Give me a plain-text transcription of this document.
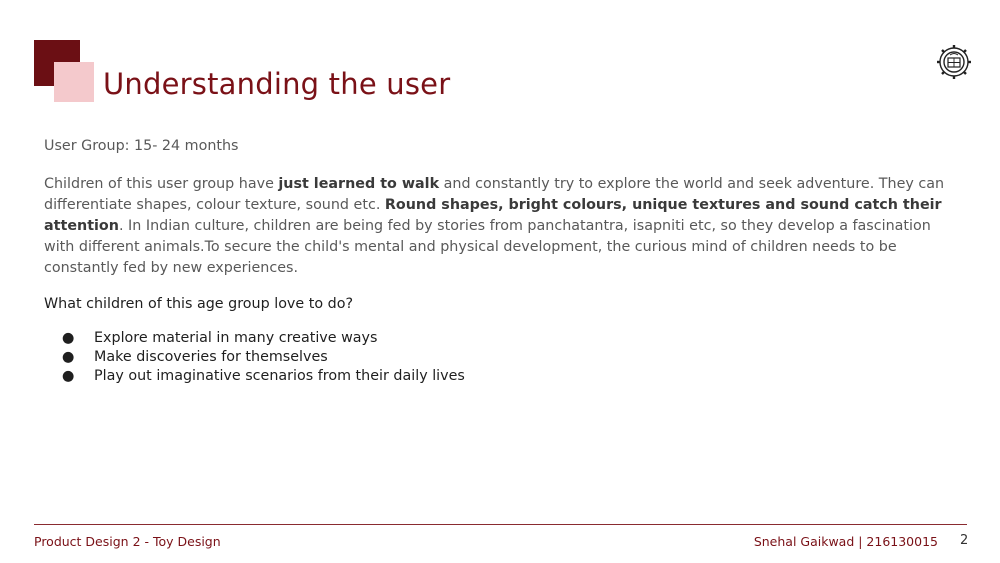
Understanding the user

User Group: 15- 24 months

Children of this user group have just learned to walk and constantly try to explore the world and seek adventure. They can differentiate shapes, colour texture, sound etc. Round shapes, bright colours, unique textures and sound catch their attention. In Indian culture, children are being fed by stories from panchatantra, isapniti etc, so they develop a fascination with different animals.To secure the child's mental and physical development, the curious mind of children needs to be constantly fed by new experiences.

What children of this age group love to do?

● Explore material in many creative ways
● Make discoveries for themselves
● Play out imaginative scenarios from their daily lives
Product Design 2 - Toy Design	Snehal Gaikwad | 216130015 2
